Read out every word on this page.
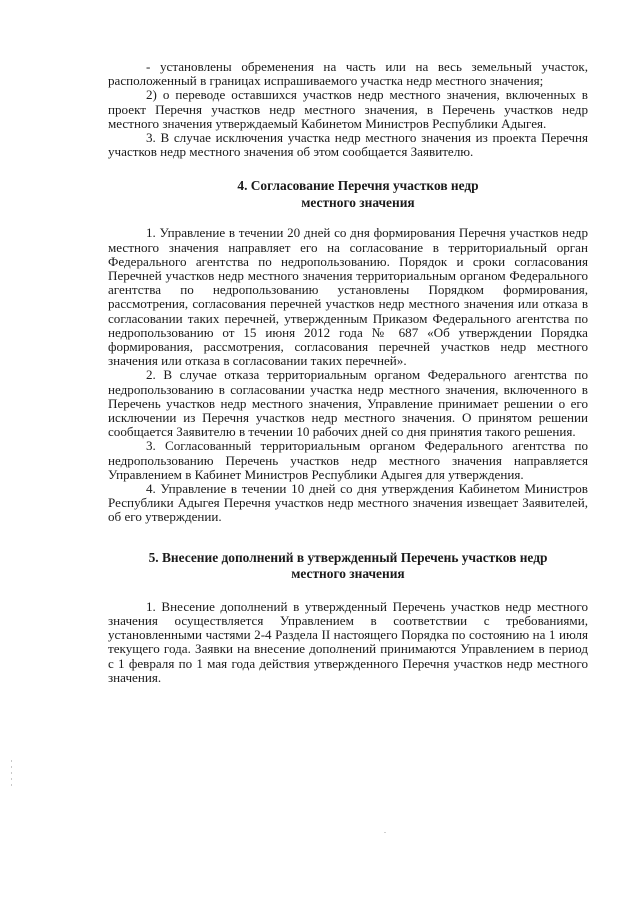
- установлены обременения на часть или на весь земельный участок, расположенный в границах испрашиваемого участка недр местного значения;

2) о переводе оставшихся участков недр местного значения, включенных в проект Перечня участков недр местного значения, в Перечень участков недр местного значения утверждаемый Кабинетом Министров Республики Адыгея.

3. В случае исключения участка недр местного значения из проекта Перечня участков недр местного значения об этом сообщается Заявителю.

4. Согласование Перечня участков недр
местного значения

1. Управление в течении 20 дней со дня формирования Перечня участков недр местного значения направляет его на согласование в территориальный орган Федерального агентства по недропользованию. Порядок и сроки согласования Перечней участков недр местного значения территориальным органом Федерального агентства по недропользованию установлены Порядком формирования, рассмотрения, согласования перечней участков недр местного значения или отказа в согласовании таких перечней, утвержденным Приказом Федерального агентства по недропользованию от 15 июня 2012 года № 687 «Об утверждении Порядка формирования, рассмотрения, согласования перечней участков недр местного значения или отказа в согласовании таких перечней».

2. В случае отказа территориальным органом Федерального агентства по недропользованию в согласовании участка недр местного значения, включенного в Перечень участков недр местного значения, Управление принимает решении о его исключении из Перечня участков недр местного значения. О принятом решении сообщается Заявителю в течении 10 рабочих дней со дня принятия такого решения.

3. Согласованный территориальным органом Федерального агентства по недропользованию Перечень участков недр местного значения направляется Управлением в Кабинет Министров Республики Адыгея для утверждения.

4. Управление в течении 10 дней со дня утверждения Кабинетом Министров Республики Адыгея Перечня участков недр местного значения извещает Заявителей, об его утверждении.

5. Внесение дополнений в утвержденный Перечень участков недр
местного значения

1. Внесение дополнений в утвержденный Перечень участков недр местного значения осуществляется Управлением в соответствии с требованиями, установленными частями 2-4 Раздела II настоящего Порядка по состоянию на 1 июля текущего года. Заявки на внесение дополнений принимаются Управлением в период с 1 февраля по 1 мая года действия утвержденного Перечня участков недр местного значения.
